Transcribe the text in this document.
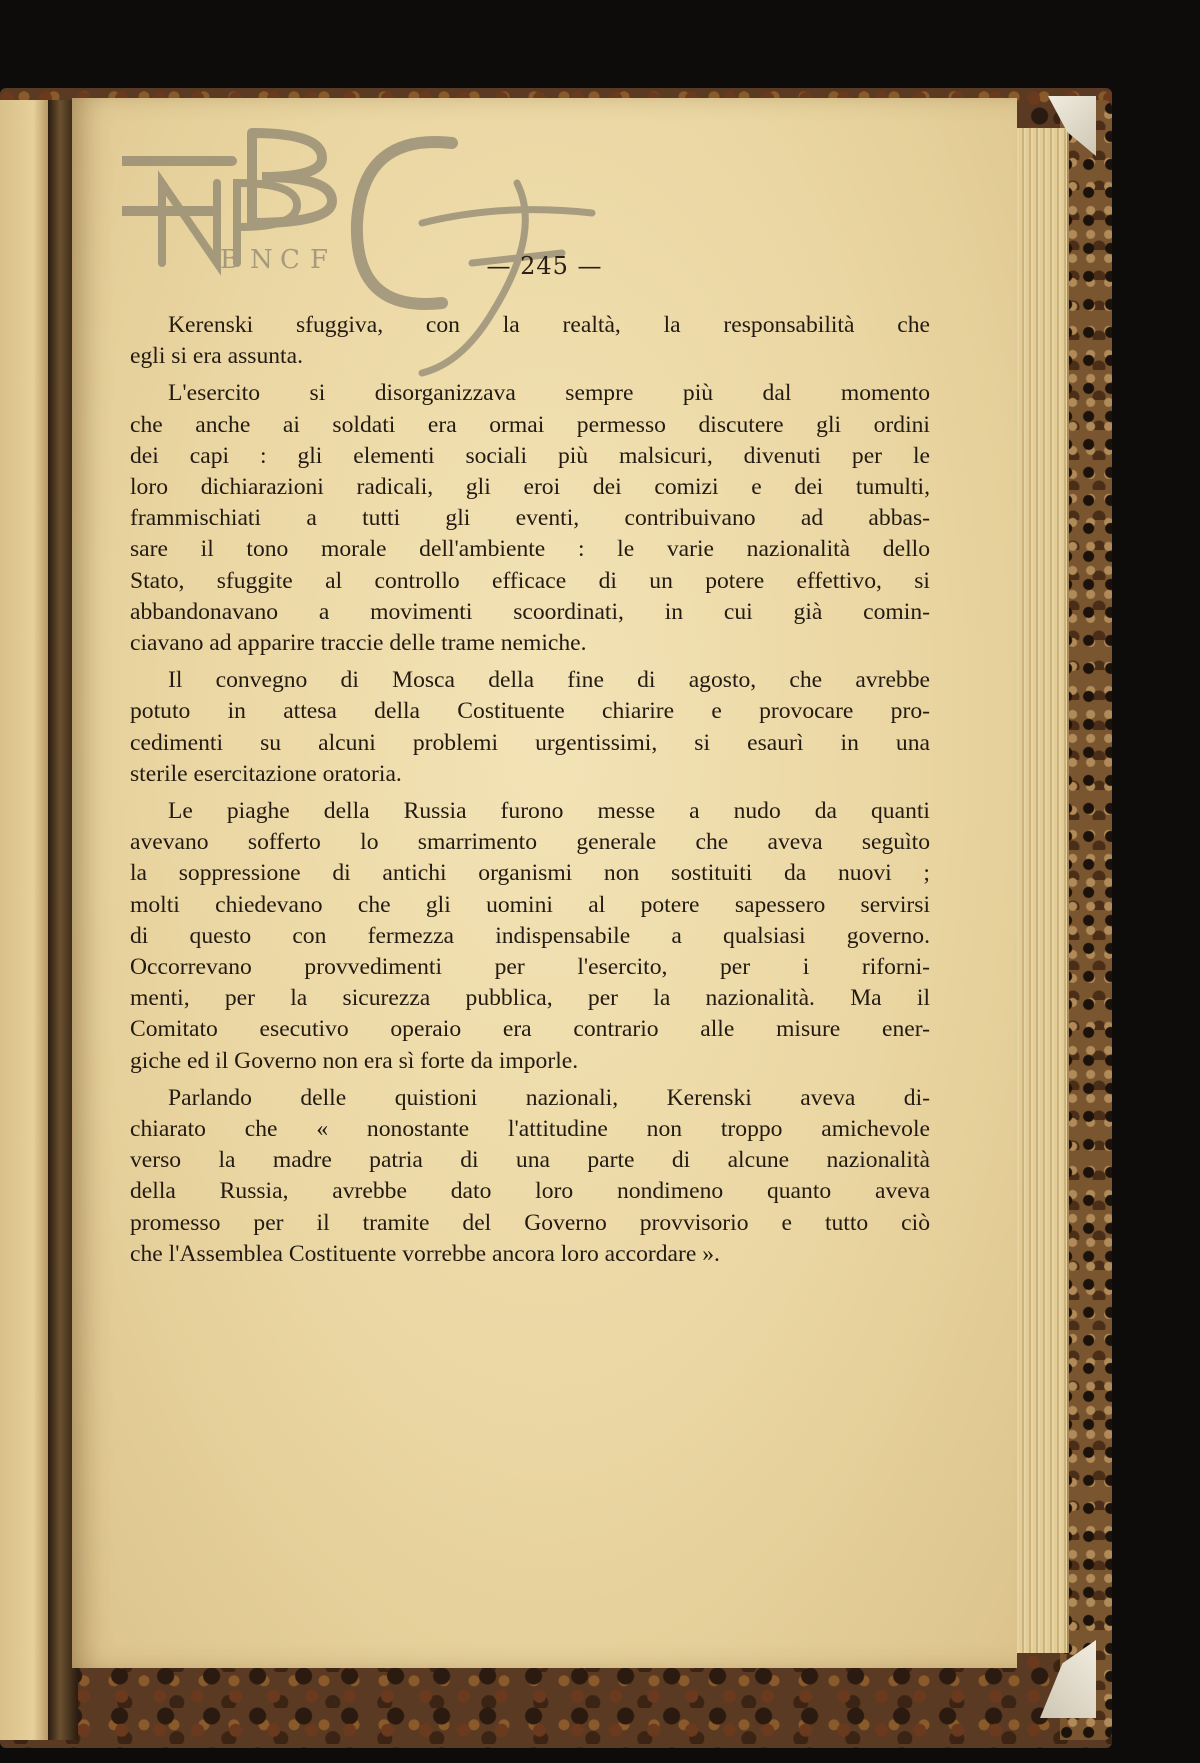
B N C F	— 245 —

Kerenski sfuggiva, con la realtà, la responsabilità che
egli si era assunta.

L'esercito si disorganizzava sempre più dal momento
che anche ai soldati era ormai permesso discutere gli ordini
dei capi : gli elementi sociali più malsicuri, divenuti per le
loro dichiarazioni radicali, gli eroi dei comizi e dei tumulti,
frammischiati a tutti gli eventi, contribuivano ad abbas-
sare il tono morale dell'ambiente : le varie nazionalità dello
Stato, sfuggite al controllo efficace di un potere effettivo, si
abbandonavano a movimenti scoordinati, in cui già comin-
ciavano ad apparire traccie delle trame nemiche.

Il convegno di Mosca della fine di agosto, che avrebbe
potuto in attesa della Costituente chiarire e provocare pro-
cedimenti su alcuni problemi urgentissimi, si esaurì in una
sterile esercitazione oratoria.

Le piaghe della Russia furono messe a nudo da quanti
avevano sofferto lo smarrimento generale che aveva seguìto
la soppressione di antichi organismi non sostituiti da nuovi ;
molti chiedevano che gli uomini al potere sapessero servirsi
di questo con fermezza indispensabile a qualsiasi governo.
Occorrevano provvedimenti per l'esercito, per i riforni-
menti, per la sicurezza pubblica, per la nazionalità. Ma il
Comitato esecutivo operaio era contrario alle misure ener-
giche ed il Governo non era sì forte da imporle.

Parlando delle quistioni nazionali, Kerenski aveva di-
chiarato che « nonostante l'attitudine non troppo amichevole
verso la madre patria di una parte di alcune nazionalità
della Russia, avrebbe dato loro nondimeno quanto aveva
promesso per il tramite del Governo provvisorio e tutto ciò
che l'Assemblea Costituente vorrebbe ancora loro accordare ».
